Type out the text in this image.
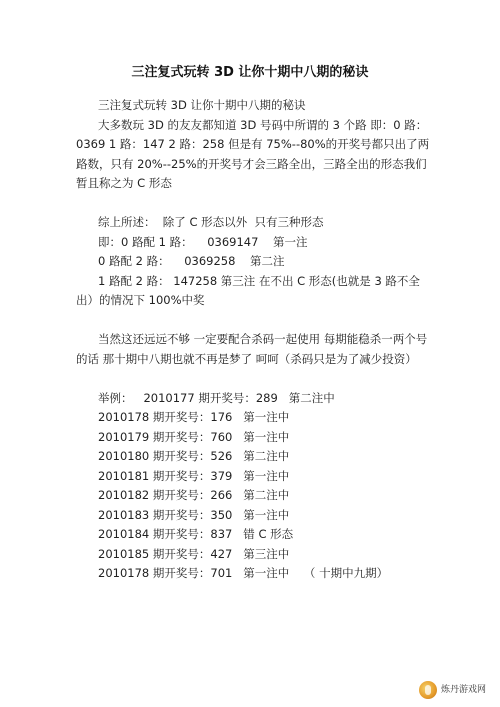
三注复式玩转 3D 让你十期中八期的秘诀

三注复式玩转 3D 让你十期中八期的秘诀

大多数玩 3D 的友友都知道 3D 号码中所谓的 3 个路 即：0 路：0369 1 路：147 2 路：258 但是有 75%--80%的开奖号都只出了两路数，只有 20%--25%的开奖号才会三路全出，三路全出的形态我们暂且称之为 C 形态

综上所述：  除了 C 形态以外  只有三种形态
即：0 路配 1 路：    0369147    第一注
0 路配 2 路：    0369258    第二注

1 路配 2 路： 147258 第三注 在不出 C 形态(也就是 3 路不全出）的情况下 100%中奖

当然这还远远不够 一定要配合杀码一起使用 每期能稳杀一两个号的话 那十期中八期也就不再是梦了 呵呵（杀码只是为了减少投资）

举例：   2010177 期开奖号：289   第二注中
2010178 期开奖号：176   第一注中
2010179 期开奖号：760   第一注中
2010180 期开奖号：526   第二注中
2010181 期开奖号：379   第一注中
2010182 期开奖号：266   第二注中
2010183 期开奖号：350   第一注中
2010184 期开奖号：837   错 C 形态
2010185 期开奖号：427   第三注中
2010178 期开奖号：701   第一注中    （ 十期中九期）
炼丹游戏网
